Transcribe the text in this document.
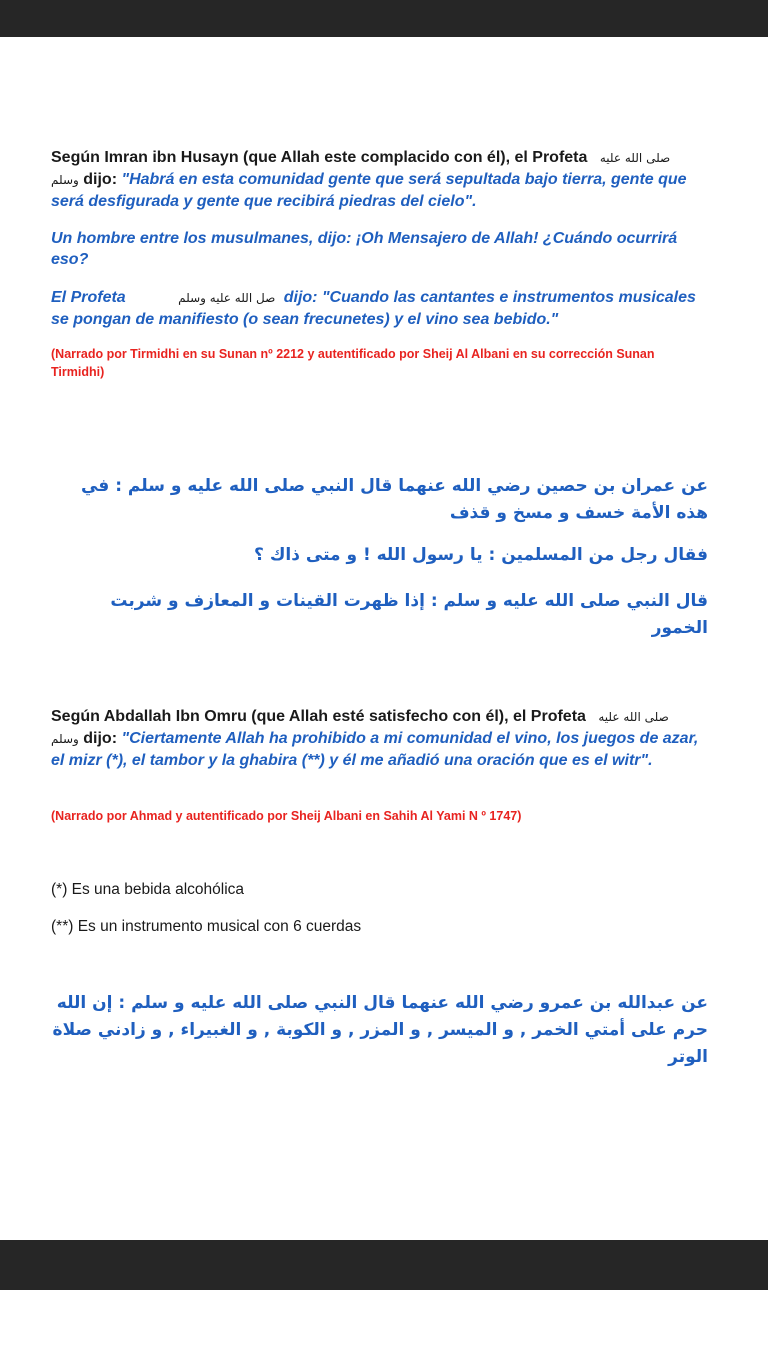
Según Imran ibn Husayn (que Allah este complacido con él), el Profeta صلى الله عليه
وسلم dijo: "Habrá en esta comunidad gente que será sepultada bajo tierra, gente que será desfigurada y gente que recibirá piedras del cielo".
Un hombre entre los musulmanes, dijo: ¡Oh Mensajero de Allah! ¿Cuándo ocurrirá eso?
El Profeta	صل الله عليه وسلم dijo: "Cuando las cantantes e instrumentos musicales se pongan de manifiesto (o sean frecunetes) y el vino sea bebido."
(Narrado por Tirmidhi en su Sunan nº 2212 y autentificado por Sheij Al Albani en su corrección Sunan Tirmidhi)
عن عمران بن حصين رضي الله عنهما قال النبي صلى الله عليه و سلم : في هذه الأمة خسف و مسخ و قذف
فقال رجل من المسلمين : يا رسول الله ! و متى ذاك ؟
قال النبي صلى الله عليه و سلم : إذا ظهرت القينات و المعازف و شربت الخمور
Según Abdallah Ibn Omru (que Allah esté satisfecho con él), el Profeta صلى الله عليه
وسلم dijo: "Ciertamente Allah ha prohibido a mi comunidad el vino, los juegos de azar, el mizr (*), el tambor y la ghabira (**) y él me añadió una oración que es el witr".
(Narrado por Ahmad y autentificado por Sheij Albani en Sahih Al Yami N º 1747)
(*) Es una bebida alcohólica
(**) Es un instrumento musical con 6 cuerdas
عن عبدالله بن عمرو رضي الله عنهما قال النبي صلى الله عليه و سلم : إن الله حرم على أمتي الخمر , و الميسر , و المزر , و الكوبة , و الغبيراء , و زادني صلاة الوتر
